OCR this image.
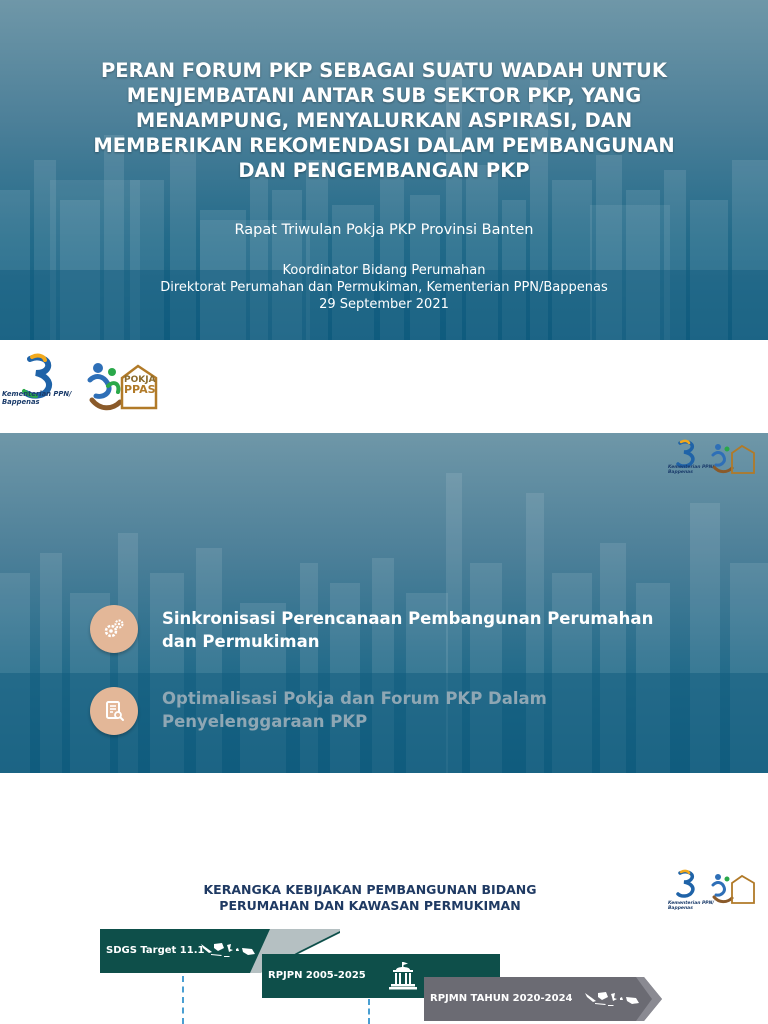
PERAN FORUM PKP SEBAGAI SUATU WADAH UNTUK
MENJEMBATANI ANTAR SUB SEKTOR PKP, YANG
MENAMPUNG, MENYALURKAN ASPIRASI, DAN
MEMBERIKAN REKOMENDASI DALAM PEMBANGUNAN
DAN PENGEMBANGAN PKP
Rapat Triwulan Pokja PKP Provinsi Banten
Koordinator Bidang Perumahan
Direktorat Perumahan dan Permukiman, Kementerian PPN/Bappenas
29 September 2021
Kementerian PPN/
Bappenas
POKJA
PPAS
Kementerian PPN/
Bappenas
Sinkronisasi Perencanaan Pembangunan Perumahan dan Permukiman
Optimalisasi Pokja dan Forum PKP Dalam Penyelenggaraan PKP
KERANGKA KEBIJAKAN PEMBANGUNAN BIDANG
PERUMAHAN DAN KAWASAN PERMUKIMAN	Kementerian PPN/
Bappenas
SDGS Target 11.1
RPJPN 2005-2025
RPJMN TAHUN 2020-2024
